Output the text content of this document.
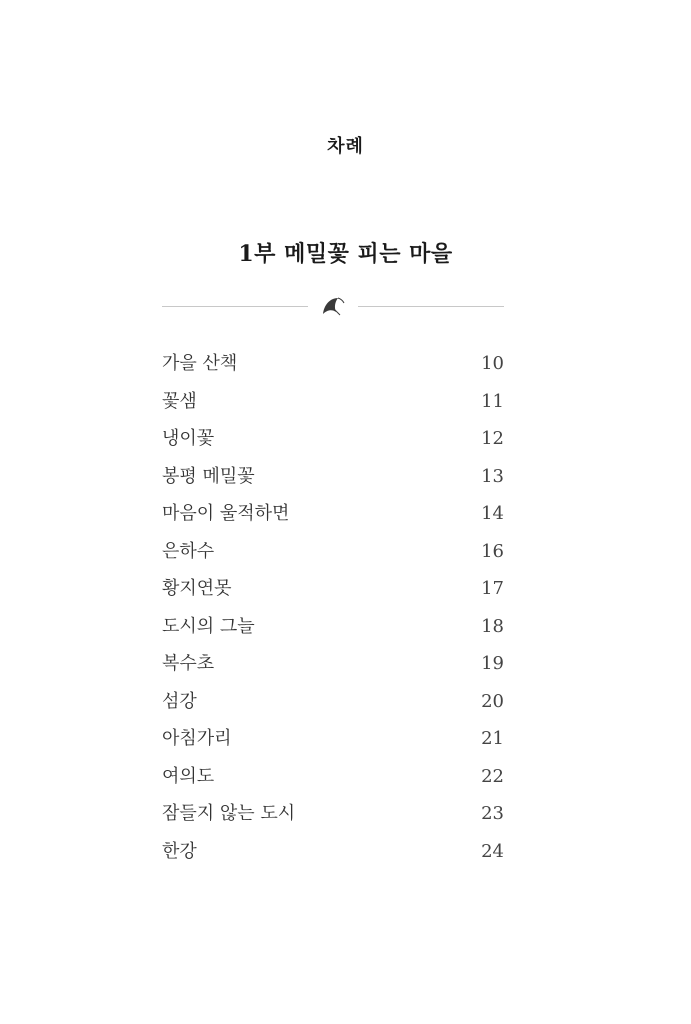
차례
1부 메밀꽃 피는 마을
가을 산책	10
꽃샘	11
냉이꽃	12
봉평 메밀꽃	13
마음이 울적하면	14
은하수	16
황지연못	17
도시의 그늘	18
복수초	19
섬강	20
아침가리	21
여의도	22
잠들지 않는 도시	23
한강	24
